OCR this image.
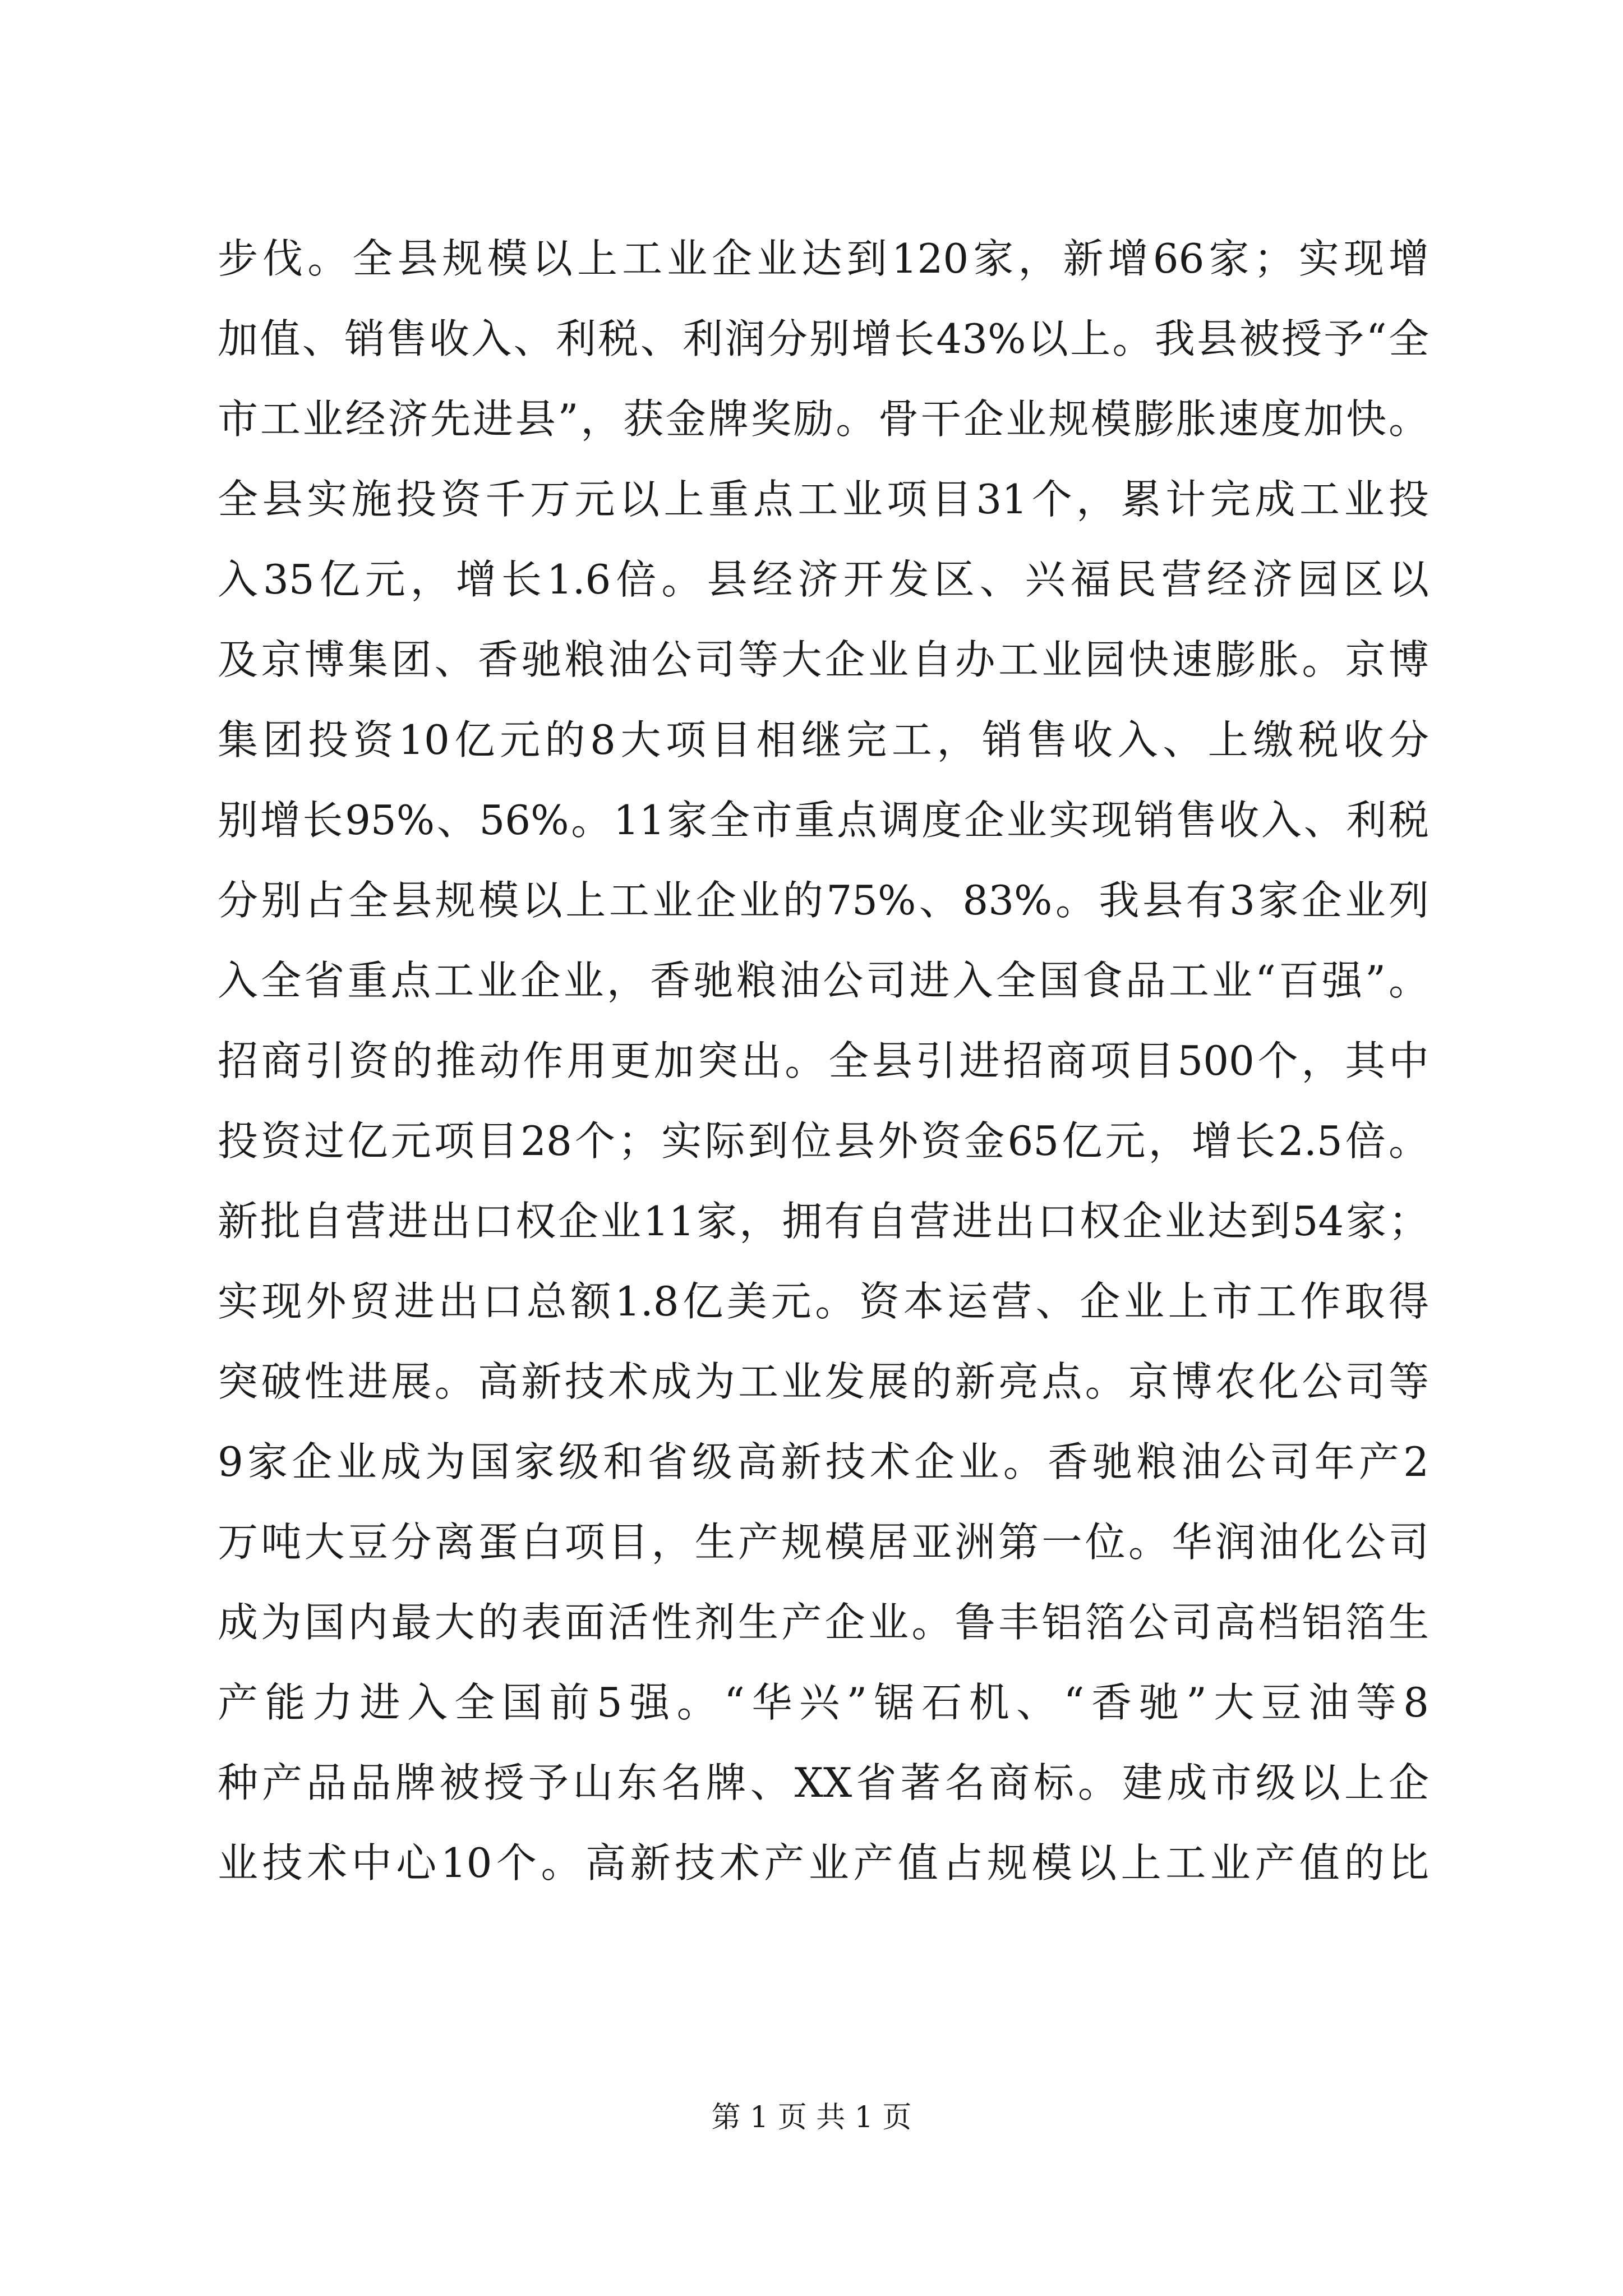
步伐。全县规模以上工业企业达到120家，新增66家；实现增
加值、销售收入、利税、利润分别增长43%以上。我县被授予“全
市工业经济先进县”，获金牌奖励。骨干企业规模膨胀速度加快。
全县实施投资千万元以上重点工业项目31个，累计完成工业投
入35亿元，增长1.6倍。县经济开发区、兴福民营经济园区以
及京博集团、香驰粮油公司等大企业自办工业园快速膨胀。京博
集团投资10亿元的8大项目相继完工，销售收入、上缴税收分
别增长95%、56%。11家全市重点调度企业实现销售收入、利税
分别占全县规模以上工业企业的75%、83%。我县有3家企业列
入全省重点工业企业，香驰粮油公司进入全国食品工业“百强”。
招商引资的推动作用更加突出。全县引进招商项目500个，其中
投资过亿元项目28个；实际到位县外资金65亿元，增长2.5倍。
新批自营进出口权企业11家，拥有自营进出口权企业达到54家；
实现外贸进出口总额1.8亿美元。资本运营、企业上市工作取得
突破性进展。高新技术成为工业发展的新亮点。京博农化公司等
9家企业成为国家级和省级高新技术企业。香驰粮油公司年产2
万吨大豆分离蛋白项目，生产规模居亚洲第一位。华润油化公司
成为国内最大的表面活性剂生产企业。鲁丰铝箔公司高档铝箔生
产能力进入全国前5强。“华兴”锯石机、“香驰”大豆油等8
种产品品牌被授予山东名牌、XX省著名商标。建成市级以上企
业技术中心10个。高新技术产业产值占规模以上工业产值的比
第 1 页 共 1 页
